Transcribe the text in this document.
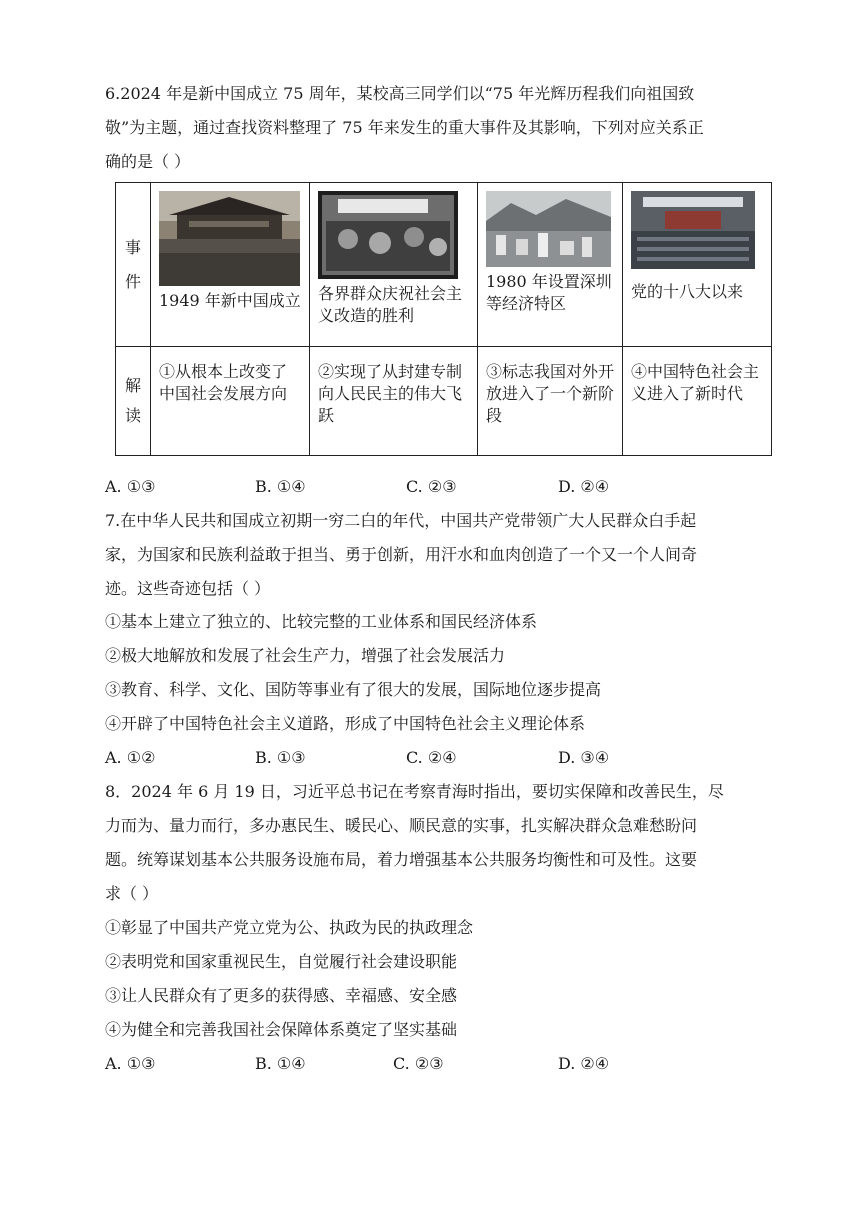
6.2024 年是新中国成立 75 周年，某校高三同学们以“75 年光辉历程我们向祖国致
敬”为主题，通过查找资料整理了 75 年来发生的重大事件及其影响，下列对应关系正
确的是（ ）
事件	1949 年新中国成立	各界群众庆祝社会主义改造的胜利	1980 年设置深圳等经济特区	党的十八大以来

解读	①从根本上改变了中国社会发展方向	②实现了从封建专制向人民民主的伟大飞跃	③标志我国对外开放进入了一个新阶段	④中国特色社会主义进入了新时代
A. ①③	B. ①④	C. ②③	D. ②④
7.在中华人民共和国成立初期一穷二白的年代，中国共产党带领广大人民群众白手起
家，为国家和民族利益敢于担当、勇于创新，用汗水和血肉创造了一个又一个人间奇
迹。这些奇迹包括（ ）
①基本上建立了独立的、比较完整的工业体系和国民经济体系
②极大地解放和发展了社会生产力，增强了社会发展活力
③教育、科学、文化、国防等事业有了很大的发展，国际地位逐步提高
④开辟了中国特色社会主义道路，形成了中国特色社会主义理论体系
A. ①②	B. ①③	C. ②④	D. ③④
8．2024 年 6 月 19 日，习近平总书记在考察青海时指出，要切实保障和改善民生，尽
力而为、量力而行，多办惠民生、暖民心、顺民意的实事，扎实解决群众急难愁盼问
题。统筹谋划基本公共服务设施布局，着力增强基本公共服务均衡性和可及性。这要
求（ ）
①彰显了中国共产党立党为公、执政为民的执政理念
②表明党和国家重视民生，自觉履行社会建设职能
③让人民群众有了更多的获得感、幸福感、安全感
④为健全和完善我国社会保障体系奠定了坚实基础
A. ①③	B. ①④	C. ②③	D. ②④
